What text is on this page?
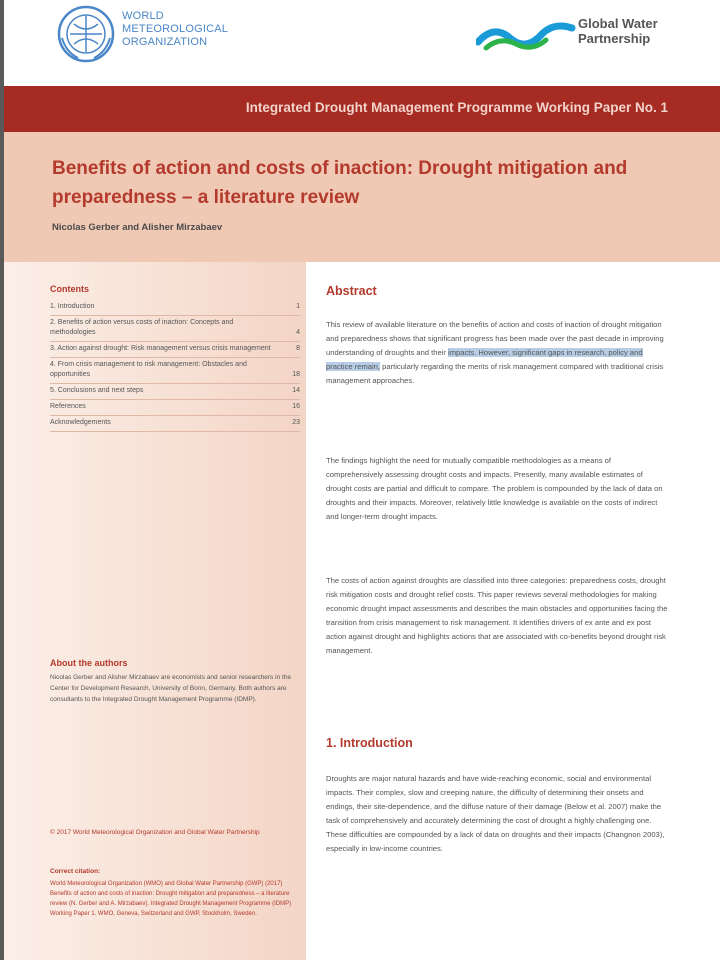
WORLD
METEOROLOGICAL
ORGANIZATION
Global Water
Partnership
Integrated Drought Management Programme Working Paper No. 1
Benefits of action and costs of inaction: Drought mitigation and preparedness – a literature review
Nicolas Gerber and Alisher Mirzabaev
Contents
1. Introduction	1
2. Benefits of action versus costs of inaction: Concepts and methodologies	4
3. Action against drought: Risk management versus crisis management	8
4. From crisis management to risk management: Obstacles and opportunities	18
5. Conclusions and next steps	14
References	16
Acknowledgements	23
About the authors
Nicolas Gerber and Alisher Mirzabaev are economists and senior researchers in the Center for Development Research, University of Bonn, Germany. Both authors are consultants to the Integrated Drought Management Programme (IDMP).
© 2017 World Meteorological Organization and Global Water Partnership
Correct citation:
World Meteorological Organization (WMO) and Global Water Partnership (GWP) (2017) Benefits of action and costs of inaction: Drought mitigation and preparedness – a literature review (N. Gerber and A. Mirzabaev). Integrated Drought Management Programme (IDMP) Working Paper 1. WMO, Geneva, Switzerland and GWP, Stockholm, Sweden.
Abstract
This review of available literature on the benefits of action and costs of inaction of drought mitigation and preparedness shows that significant progress has been made over the past decade in improving understanding of droughts and their impacts. However, significant gaps in research, policy and practice remain, particularly regarding the merits of risk management compared with traditional crisis management approaches.
The findings highlight the need for mutually compatible methodologies as a means of comprehensively assessing drought costs and impacts. Presently, many available estimates of drought costs are partial and difficult to compare. The problem is compounded by the lack of data on droughts and their impacts. Moreover, relatively little knowledge is available on the costs of indirect and longer-term drought impacts.
The costs of action against droughts are classified into three categories: preparedness costs, drought risk mitigation costs and drought relief costs. This paper reviews several methodologies for making economic drought impact assessments and describes the main obstacles and opportunities facing the transition from crisis management to risk management. It identifies drivers of ex ante and ex post action against drought and highlights actions that are associated with co-benefits beyond drought risk management.
1. Introduction
Droughts are major natural hazards and have wide-reaching economic, social and environmental impacts. Their complex, slow and creeping nature, the difficulty of determining their onsets and endings, their site-dependence, and the diffuse nature of their damage (Below et al. 2007) make the task of comprehensively and accurately determining the cost of drought a highly challenging one. These difficulties are compounded by a lack of data on droughts and their impacts (Changnon 2003), especially in low-income countries.
